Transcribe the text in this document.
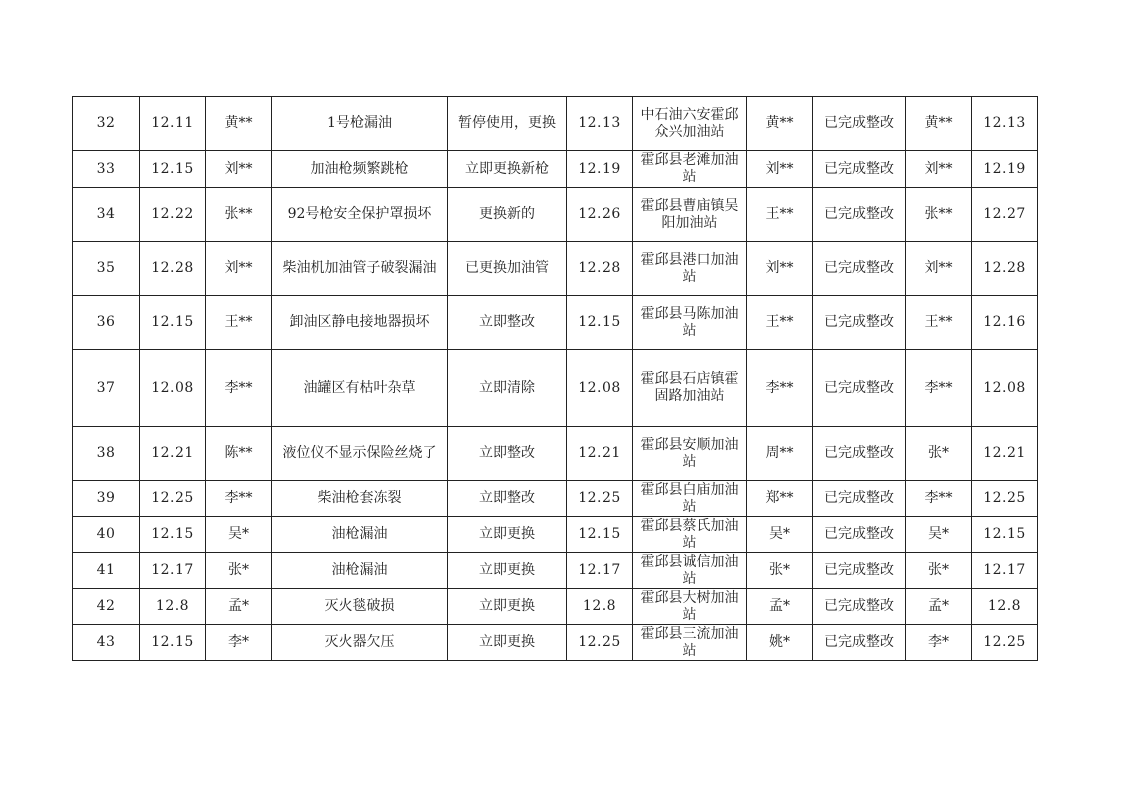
32	12.11	黄**	1号枪漏油	暂停使用，更换	12.13	中石油六安霍邱众兴加油站	黄**	已完成整改	黄**	12.13
33	12.15	刘**	加油枪频繁跳枪	立即更换新枪	12.19	霍邱县老滩加油站	刘**	已完成整改	刘**	12.19
34	12.22	张**	92号枪安全保护罩损坏	更换新的	12.26	霍邱县曹庙镇吴阳加油站	王**	已完成整改	张**	12.27
35	12.28	刘**	柴油机加油管子破裂漏油	已更换加油管	12.28	霍邱县港口加油站	刘**	已完成整改	刘**	12.28
36	12.15	王**	卸油区静电接地器损坏	立即整改	12.15	霍邱县马陈加油站	王**	已完成整改	王**	12.16
37	12.08	李**	油罐区有枯叶杂草	立即清除	12.08	霍邱县石店镇霍固路加油站	李**	已完成整改	李**	12.08
38	12.21	陈**	液位仪不显示保险丝烧了	立即整改	12.21	霍邱县安顺加油站	周**	已完成整改	张*	12.21
39	12.25	李**	柴油枪套冻裂	立即整改	12.25	霍邱县白庙加油站	郑**	已完成整改	李**	12.25
40	12.15	吴*	油枪漏油	立即更换	12.15	霍邱县蔡氏加油站	吴*	已完成整改	吴*	12.15
41	12.17	张*	油枪漏油	立即更换	12.17	霍邱县诚信加油站	张*	已完成整改	张*	12.17
42	12.8	孟*	灭火毯破损	立即更换	12.8	霍邱县大树加油站	孟*	已完成整改	孟*	12.8
43	12.15	李*	灭火器欠压	立即更换	12.25	霍邱县三流加油站	姚*	已完成整改	李*	12.25
